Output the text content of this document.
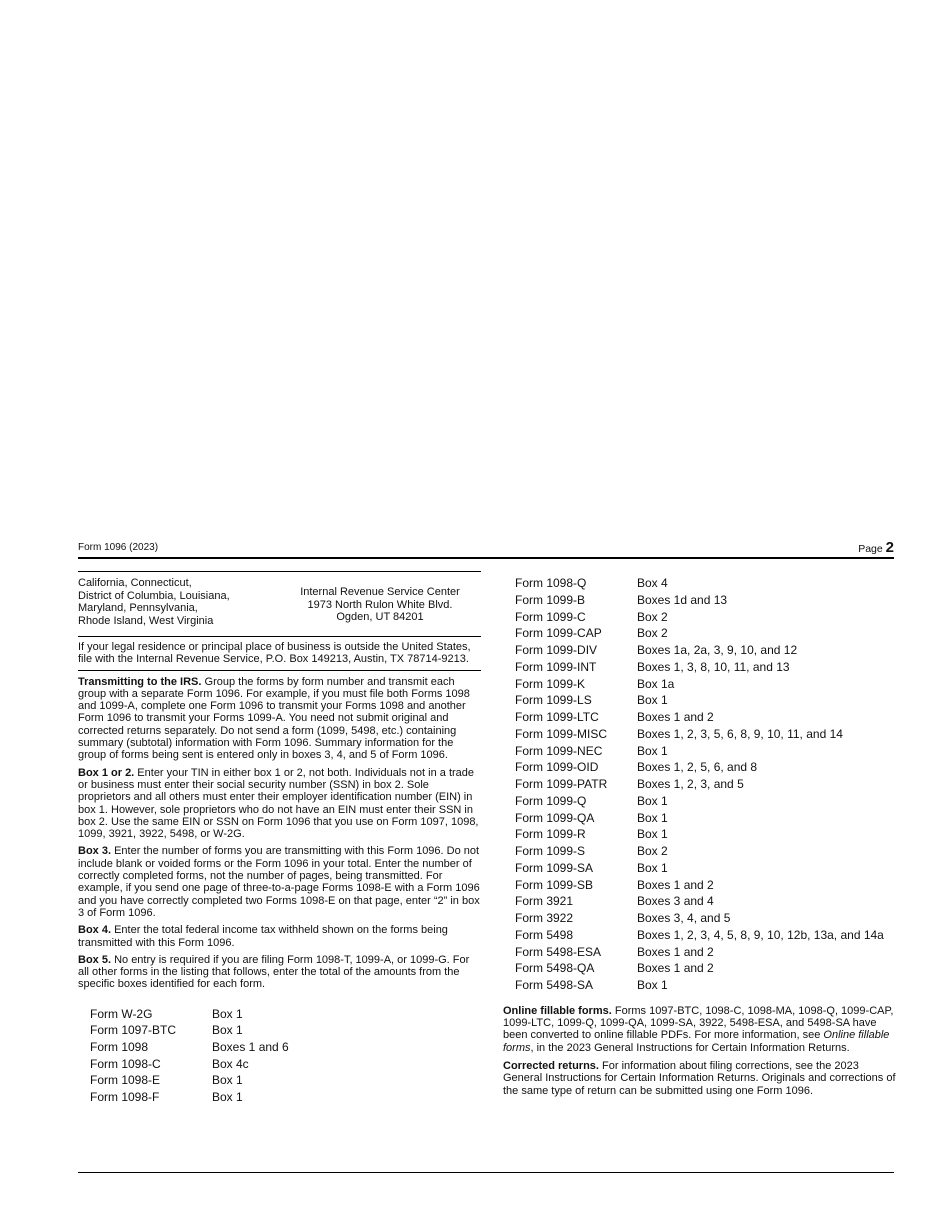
Form 1096 (2023)	Page 2
California, Connecticut,
District of Columbia, Louisiana,
Maryland, Pennsylvania,
Rhode Island, West Virginia
Internal Revenue Service Center
1973 North Rulon White Blvd.
Ogden, UT 84201
If your legal residence or principal place of business is outside the United States, file with the Internal Revenue Service, P.O. Box 149213, Austin, TX 78714-9213.

Transmitting to the IRS. Group the forms by form number and transmit each group with a separate Form 1096. For example, if you must file both Forms 1098 and 1099-A, complete one Form 1096 to transmit your Forms 1098 and another Form 1096 to transmit your Forms 1099-A. You need not submit original and corrected returns separately. Do not send a form (1099, 5498, etc.) containing summary (subtotal) information with Form 1096. Summary information for the group of forms being sent is entered only in boxes 3, 4, and 5 of Form 1096.

Box 1 or 2. Enter your TIN in either box 1 or 2, not both. Individuals not in a trade or business must enter their social security number (SSN) in box 2. Sole proprietors and all others must enter their employer identification number (EIN) in box 1. However, sole proprietors who do not have an EIN must enter their SSN in box 2. Use the same EIN or SSN on Form 1096 that you use on Form 1097, 1098, 1099, 3921, 3922, 5498, or W-2G.

Box 3. Enter the number of forms you are transmitting with this Form 1096. Do not include blank or voided forms or the Form 1096 in your total. Enter the number of correctly completed forms, not the number of pages, being transmitted. For example, if you send one page of three-to-a-page Forms 1098-E with a Form 1096 and you have correctly completed two Forms 1098-E on that page, enter “2” in box 3 of Form 1096.

Box 4. Enter the total federal income tax withheld shown on the forms being transmitted with this Form 1096.

Box 5. No entry is required if you are filing Form 1098-T, 1099-A, or 1099-G. For all other forms in the listing that follows, enter the total of the amounts from the specific boxes identified for each form.

Form W-2G	Box 1
Form 1097-BTC	Box 1
Form 1098	Boxes 1 and 6
Form 1098-C	Box 4c
Form 1098-E	Box 1
Form 1098-F	Box 1
Form 1098-Q	Box 4
Form 1099-B	Boxes 1d and 13
Form 1099-C	Box 2
Form 1099-CAP	Box 2
Form 1099-DIV	Boxes 1a, 2a, 3, 9, 10, and 12
Form 1099-INT	Boxes 1, 3, 8, 10, 11, and 13
Form 1099-K	Box 1a
Form 1099-LS	Box 1
Form 1099-LTC	Boxes 1 and 2
Form 1099-MISC	Boxes 1, 2, 3, 5, 6, 8, 9, 10, 11, and 14
Form 1099-NEC	Box 1
Form 1099-OID	Boxes 1, 2, 5, 6, and 8
Form 1099-PATR	Boxes 1, 2, 3, and 5
Form 1099-Q	Box 1
Form 1099-QA	Box 1
Form 1099-R	Box 1
Form 1099-S	Box 2
Form 1099-SA	Box 1
Form 1099-SB	Boxes 1 and 2
Form 3921	Boxes 3 and 4
Form 3922	Boxes 3, 4, and 5
Form 5498	Boxes 1, 2, 3, 4, 5, 8, 9, 10, 12b, 13a, and 14a
Form 5498-ESA	Boxes 1 and 2
Form 5498-QA	Boxes 1 and 2
Form 5498-SA	Box 1

Online fillable forms. Forms 1097-BTC, 1098-C, 1098-MA, 1098-Q, 1099-CAP, 1099-LTC, 1099-Q, 1099-QA, 1099-SA, 3922, 5498-ESA, and 5498-SA have been converted to online fillable PDFs. For more information, see Online fillable forms, in the 2023 General Instructions for Certain Information Returns.

Corrected returns. For information about filing corrections, see the 2023 General Instructions for Certain Information Returns. Originals and corrections of the same type of return can be submitted using one Form 1096.
